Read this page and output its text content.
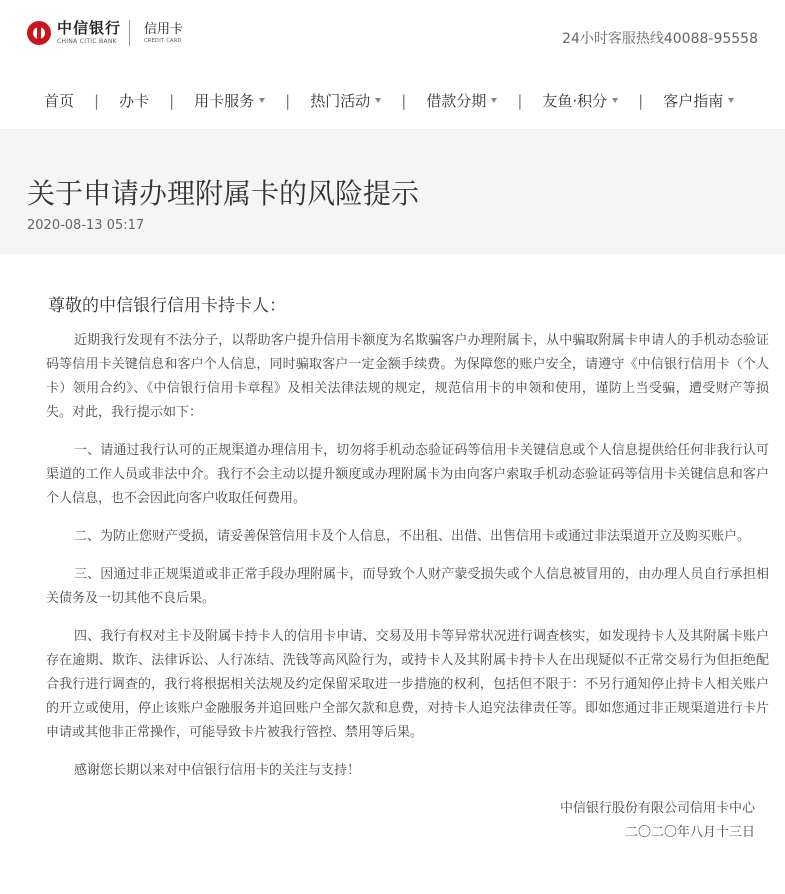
中信银行
CHINA CITIC BANK
信用卡
CREDIT CARD	24小时客服热线40088-95558
首页 | 办卡 | 用卡服务 | 热门活动 | 借款分期 | 友鱼·积分 | 客户指南
关于申请办理附属卡的风险提示
2020-08-13 05:17
尊敬的中信银行信用卡持卡人：

近期我行发现有不法分子，以帮助客户提升信用卡额度为名欺骗客户办理附属卡，从中骗取附属卡申请人的手机动态验证码等信用卡关键信息和客户个人信息，同时骗取客户一定金额手续费。为保障您的账户安全，请遵守《中信银行信用卡（个人卡）领用合约》、《中信银行信用卡章程》及相关法律法规的规定，规范信用卡的申领和使用，谨防上当受骗，遭受财产等损失。对此，我行提示如下：

一、请通过我行认可的正规渠道办理信用卡，切勿将手机动态验证码等信用卡关键信息或个人信息提供给任何非我行认可渠道的工作人员或非法中介。我行不会主动以提升额度或办理附属卡为由向客户索取手机动态验证码等信用卡关键信息和客户个人信息，也不会因此向客户收取任何费用。

二、为防止您财产受损，请妥善保管信用卡及个人信息，不出租、出借、出售信用卡或通过非法渠道开立及购买账户。

三、因通过非正规渠道或非正常手段办理附属卡，而导致个人财产蒙受损失或个人信息被冒用的，由办理人员自行承担相关债务及一切其他不良后果。

四、我行有权对主卡及附属卡持卡人的信用卡申请、交易及用卡等异常状况进行调查核实，如发现持卡人及其附属卡账户存在逾期、欺诈、法律诉讼、人行冻结、洗钱等高风险行为，或持卡人及其附属卡持卡人在出现疑似不正常交易行为但拒绝配合我行进行调查的，我行将根据相关法规及约定保留采取进一步措施的权利，包括但不限于：不另行通知停止持卡人相关账户的开立或使用，停止该账户金融服务并追回账户全部欠款和息费，对持卡人追究法律责任等。即如您通过非正规渠道进行卡片申请或其他非正常操作，可能导致卡片被我行管控、禁用等后果。

感谢您长期以来对中信银行信用卡的关注与支持！

中信银行股份有限公司信用卡中心
二〇二〇年八月十三日
